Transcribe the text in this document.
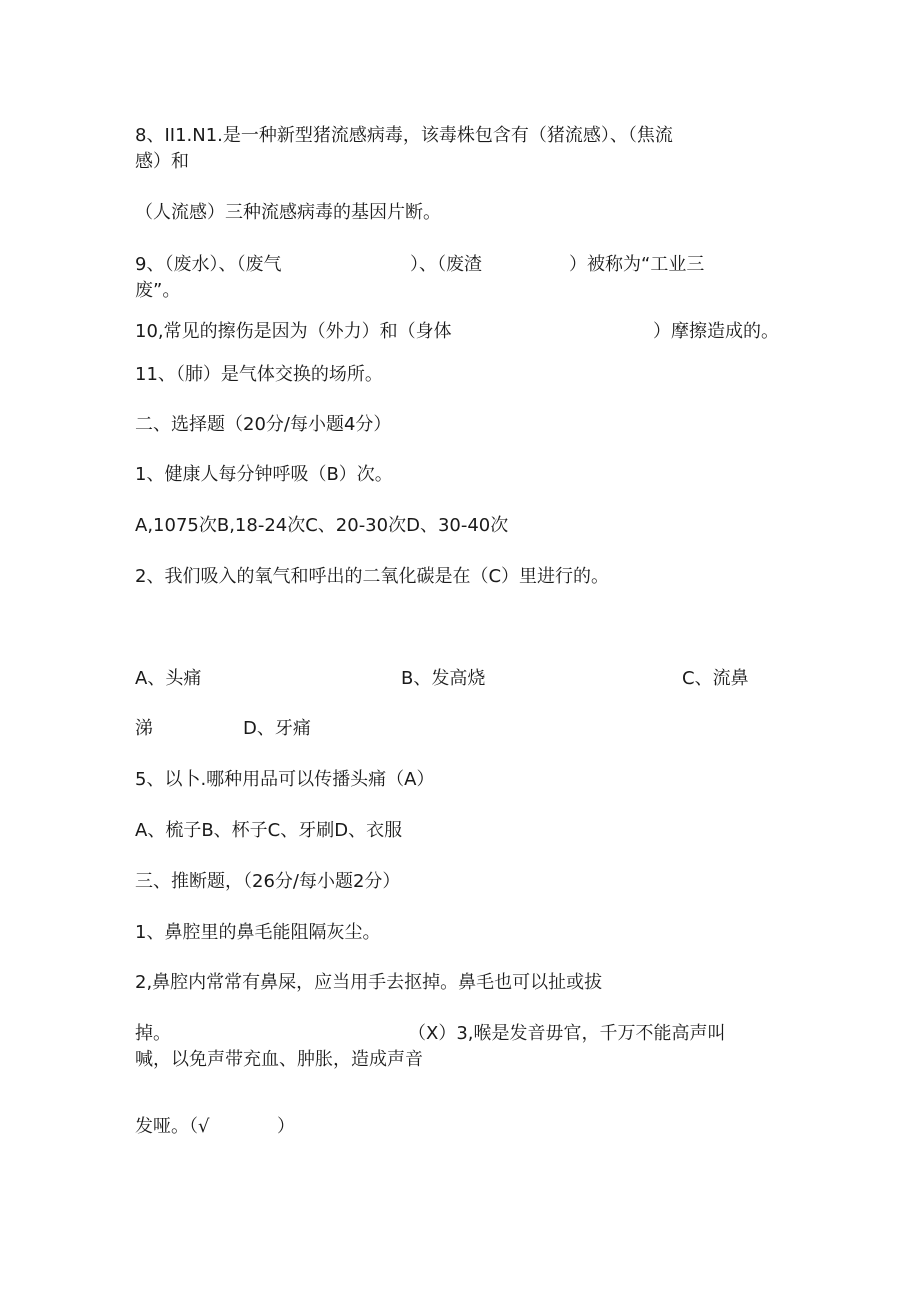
8、II1.N1.是一种新型猪流感病毒，该毒株包含有（猪流感）、（焦流

感）和

（人流感）三种流感病毒的基因片断。

9、（废水）、（废气	）、（废渣	）被称为“工业三

废”。

10,常见的擦伤是因为（外力）和（身体	）摩擦造成的。

11、（肺）是气体交换的场所。

二、选择题（20分/每小题4分）

1、健康人每分钟呼吸（B）次。

A,1075次B,18-24次C、20-30次D、30-40次

2、我们吸入的氧气和呼出的二氧化碳是在（C）里进行的。

A、头痛	B、发高烧	C、流鼻
涕	D、牙痛

5、以卜.哪种用品可以传播头痛（A）

A、梳子B、杯子C、牙刷D、衣服

三、推断题，（26分/每小题2分）

1、鼻腔里的鼻毛能阻隔灰尘。

2,鼻腔内常常有鼻屎，应当用手去抠掉。鼻毛也可以扯或拔

掉。	（X）3,喉是发音毋官，千万不能高声叫

喊，以免声带充血、肿胀，造成声音

发哑。（√	）
